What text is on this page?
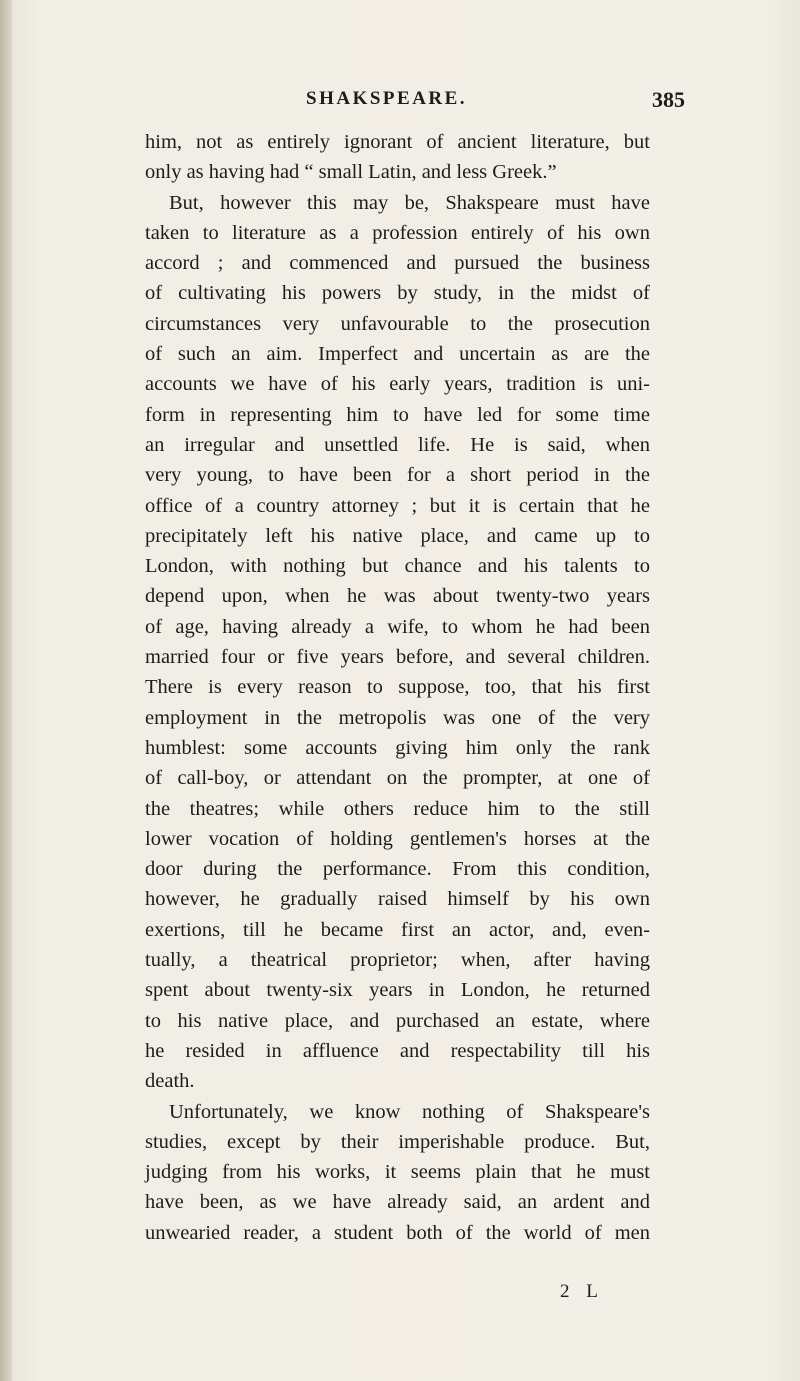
SHAKSPEARE.	385
him, not as entirely ignorant of ancient literature, but
only as having had “ small Latin, and less Greek.”
But, however this may be, Shakspeare must have
taken to literature as a profession entirely of his own
accord ; and commenced and pursued the business
of cultivating his powers by study, in the midst of
circumstances very unfavourable to the prosecution
of such an aim. Imperfect and uncertain as are the
accounts we have of his early years, tradition is uni-
form in representing him to have led for some time
an irregular and unsettled life. He is said, when
very young, to have been for a short period in the
office of a country attorney ; but it is certain that he
precipitately left his native place, and came up to
London, with nothing but chance and his talents to
depend upon, when he was about twenty-two years
of age, having already a wife, to whom he had been
married four or five years before, and several children.
There is every reason to suppose, too, that his first
employment in the metropolis was one of the very
humblest: some accounts giving him only the rank
of call-boy, or attendant on the prompter, at one of
the theatres; while others reduce him to the still
lower vocation of holding gentlemen's horses at the
door during the performance. From this condition,
however, he gradually raised himself by his own
exertions, till he became first an actor, and, even-
tually, a theatrical proprietor; when, after having
spent about twenty-six years in London, he returned
to his native place, and purchased an estate, where
he resided in affluence and respectability till his
death.
Unfortunately, we know nothing of Shakspeare's
studies, except by their imperishable produce. But,
judging from his works, it seems plain that he must
have been, as we have already said, an ardent and
unwearied reader, a student both of the world of men
2 L
